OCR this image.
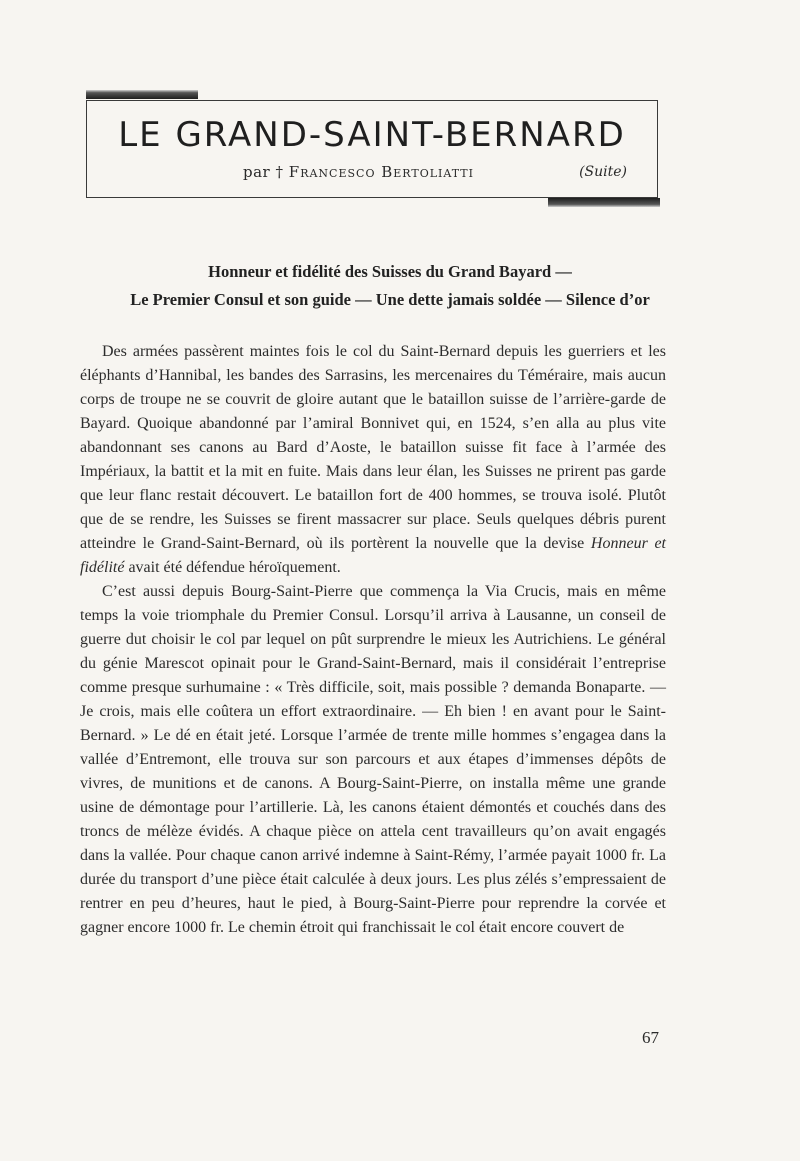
LE GRAND-SAINT-BERNARD
par † Francesco Bertoliatti	(Suite)
Honneur et fidélité des Suisses du Grand Bayard —
Le Premier Consul et son guide — Une dette jamais soldée — Silence d’or

Des armées passèrent maintes fois le col du Saint-Bernard depuis les guerriers et les éléphants d’Hannibal, les bandes des Sarrasins, les mercenaires du Téméraire, mais aucun corps de troupe ne se couvrit de gloire autant que le bataillon suisse de l’arrière-garde de Bayard. Quoique abandonné par l’amiral Bonnivet qui, en 1524, s’en alla au plus vite abandonnant ses canons au Bard d’Aoste, le bataillon suisse fit face à l’armée des Impériaux, la battit et la mit en fuite. Mais dans leur élan, les Suisses ne prirent pas garde que leur flanc restait découvert. Le bataillon fort de 400 hommes, se trouva isolé. Plutôt que de se rendre, les Suisses se firent massacrer sur place. Seuls quelques débris purent atteindre le Grand-Saint-Bernard, où ils portèrent la nouvelle que la devise Honneur et fidélité avait été défendue héroïquement.

C’est aussi depuis Bourg-Saint-Pierre que commença la Via Crucis, mais en même temps la voie triomphale du Premier Consul. Lorsqu’il arriva à Lausanne, un conseil de guerre dut choisir le col par lequel on pût surprendre le mieux les Autrichiens. Le général du génie Marescot opinait pour le Grand-Saint-Bernard, mais il considérait l’entreprise comme presque surhumaine : « Très difficile, soit, mais possible ? demanda Bonaparte. — Je crois, mais elle coûtera un effort extraordinaire. — Eh bien ! en avant pour le Saint-Bernard. » Le dé en était jeté. Lorsque l’armée de trente mille hommes s’engagea dans la vallée d’Entremont, elle trouva sur son parcours et aux étapes d’immenses dépôts de vivres, de munitions et de canons. A Bourg-Saint-Pierre, on installa même une grande usine de démontage pour l’artillerie. Là, les canons étaient démontés et couchés dans des troncs de mélèze évidés. A chaque pièce on attela cent travailleurs qu’on avait engagés dans la vallée. Pour chaque canon arrivé indemne à Saint-Rémy, l’armée payait 1000 fr. La durée du transport d’une pièce était calculée à deux jours. Les plus zélés s’empressaient de rentrer en peu d’heures, haut le pied, à Bourg-Saint-Pierre pour reprendre la corvée et gagner encore 1000 fr. Le chemin étroit qui franchissait le col était encore couvert de

67
